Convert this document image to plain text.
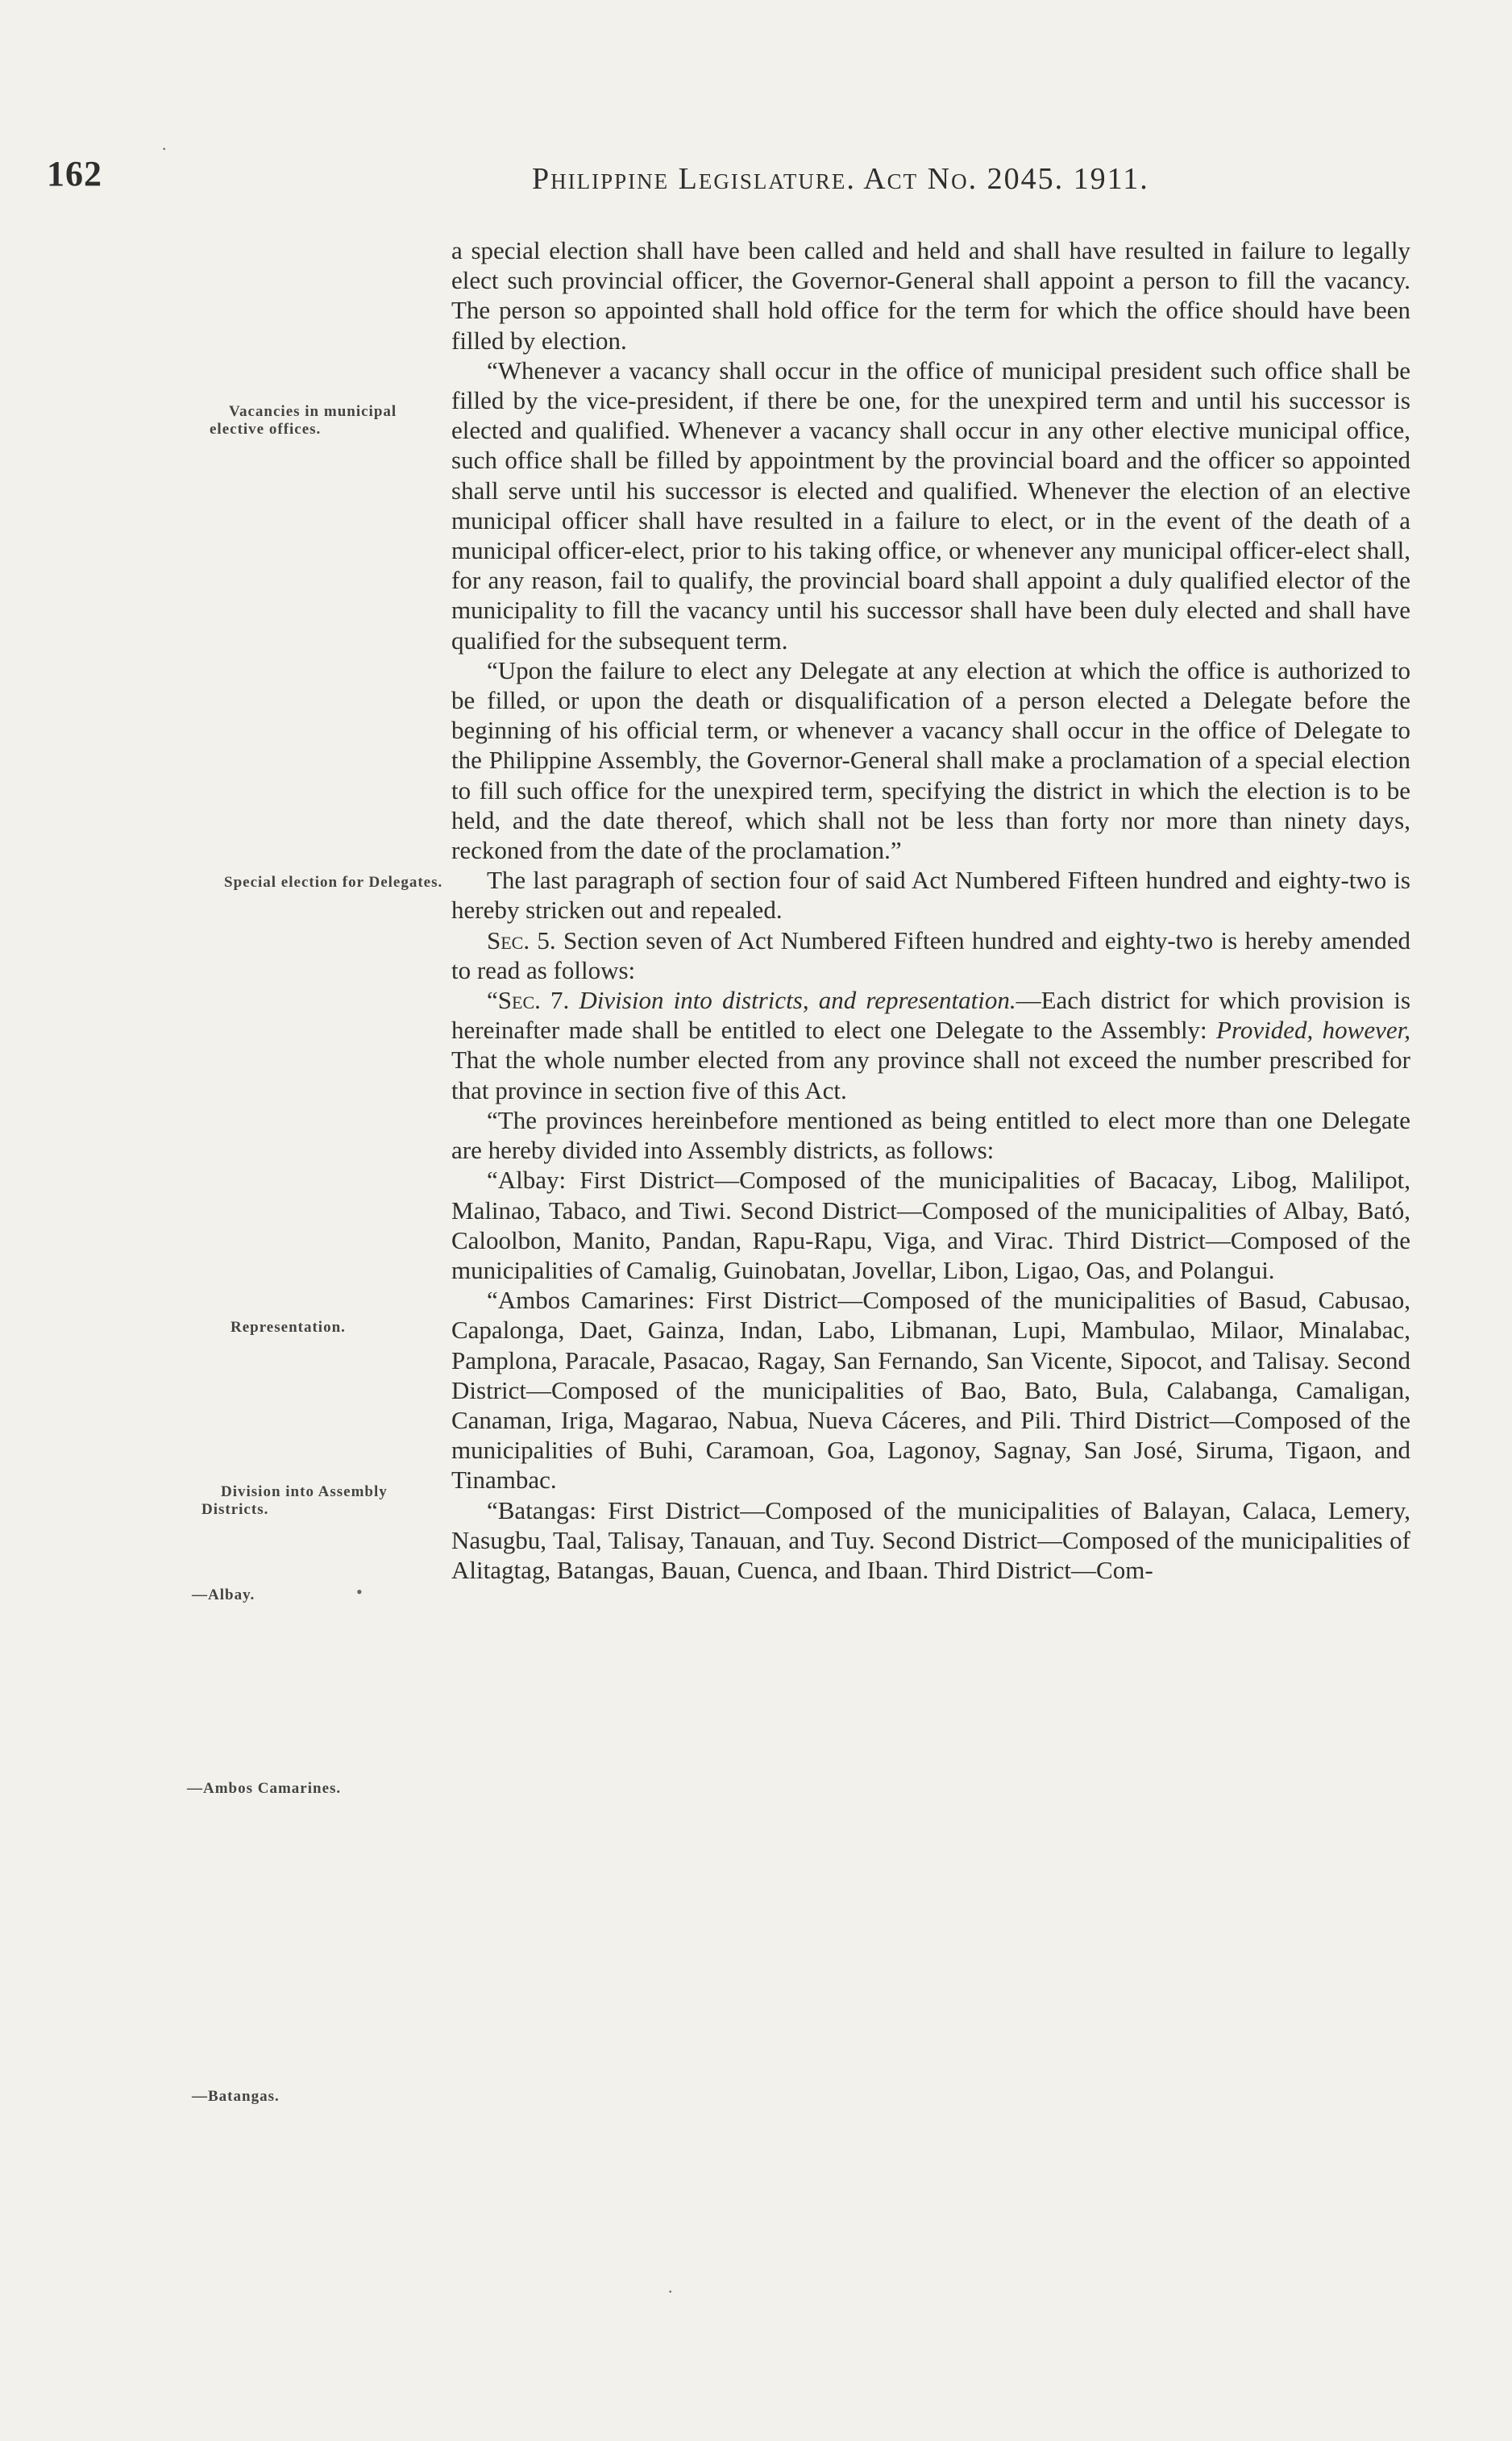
162	Philippine Legislature. Act No. 2045. 1911.
·
Vacancies in municipal elective offices.
Special election for Delegates.
Representation.
Division into Assembly Districts.
—Albay.	•
—Ambos Camarines.
—Batangas.

a special election shall have been called and held and shall have resulted in failure to legally elect such provincial officer, the Governor-General shall appoint a person to fill the vacancy. The person so appointed shall hold office for the term for which the office should have been filled by election.

“Whenever a vacancy shall occur in the office of municipal president such office shall be filled by the vice-president, if there be one, for the unexpired term and until his successor is elected and qualified. Whenever a vacancy shall occur in any other elective municipal office, such office shall be filled by appointment by the provincial board and the officer so appointed shall serve until his successor is elected and qualified. Whenever the election of an elective municipal officer shall have resulted in a failure to elect, or in the event of the death of a municipal officer-elect, prior to his taking office, or whenever any municipal officer-elect shall, for any reason, fail to qualify, the provincial board shall appoint a duly qualified elector of the municipality to fill the vacancy until his successor shall have been duly elected and shall have qualified for the subsequent term.

“Upon the failure to elect any Delegate at any election at which the office is authorized to be filled, or upon the death or disqualification of a person elected a Delegate before the beginning of his official term, or whenever a vacancy shall occur in the office of Delegate to the Philippine Assembly, the Governor-General shall make a proclamation of a special election to fill such office for the unexpired term, specifying the district in which the election is to be held, and the date thereof, which shall not be less than forty nor more than ninety days, reckoned from the date of the proclamation.”

The last paragraph of section four of said Act Numbered Fifteen hundred and eighty-two is hereby stricken out and repealed.

Sec. 5. Section seven of Act Numbered Fifteen hundred and eighty-two is hereby amended to read as follows:

“Sec. 7. Division into districts, and representation.—Each district for which provision is hereinafter made shall be entitled to elect one Delegate to the Assembly: Provided, however, That the whole number elected from any province shall not exceed the number prescribed for that province in section five of this Act.

“The provinces hereinbefore mentioned as being entitled to elect more than one Delegate are hereby divided into Assembly districts, as follows:

“Albay: First District—Composed of the municipalities of Bacacay, Libog, Malilipot, Malinao, Tabaco, and Tiwi. Second District—Composed of the municipalities of Albay, Bató, Caloolbon, Manito, Pandan, Rapu-Rapu, Viga, and Virac. Third District—Composed of the municipalities of Camalig, Guinobatan, Jovellar, Libon, Ligao, Oas, and Polangui.

“Ambos Camarines: First District—Composed of the municipalities of Basud, Cabusao, Capalonga, Daet, Gainza, Indan, Labo, Libmanan, Lupi, Mambulao, Milaor, Minalabac, Pamplona, Paracale, Pasacao, Ragay, San Fernando, San Vicente, Sipocot, and Talisay. Second District—Composed of the municipalities of Bao, Bato, Bula, Calabanga, Camaligan, Canaman, Iriga, Magarao, Nabua, Nueva Cáceres, and Pili. Third District—Composed of the municipalities of Buhi, Caramoan, Goa, Lagonoy, Sagnay, San José, Siruma, Tigaon, and Tinambac.

“Batangas: First District—Composed of the municipalities of Balayan, Calaca, Lemery, Nasugbu, Taal, Talisay, Tanauan, and Tuy. Second District—Composed of the municipalities of Alitagtag, Batangas, Bauan, Cuenca, and Ibaan. Third District—Com-

·
